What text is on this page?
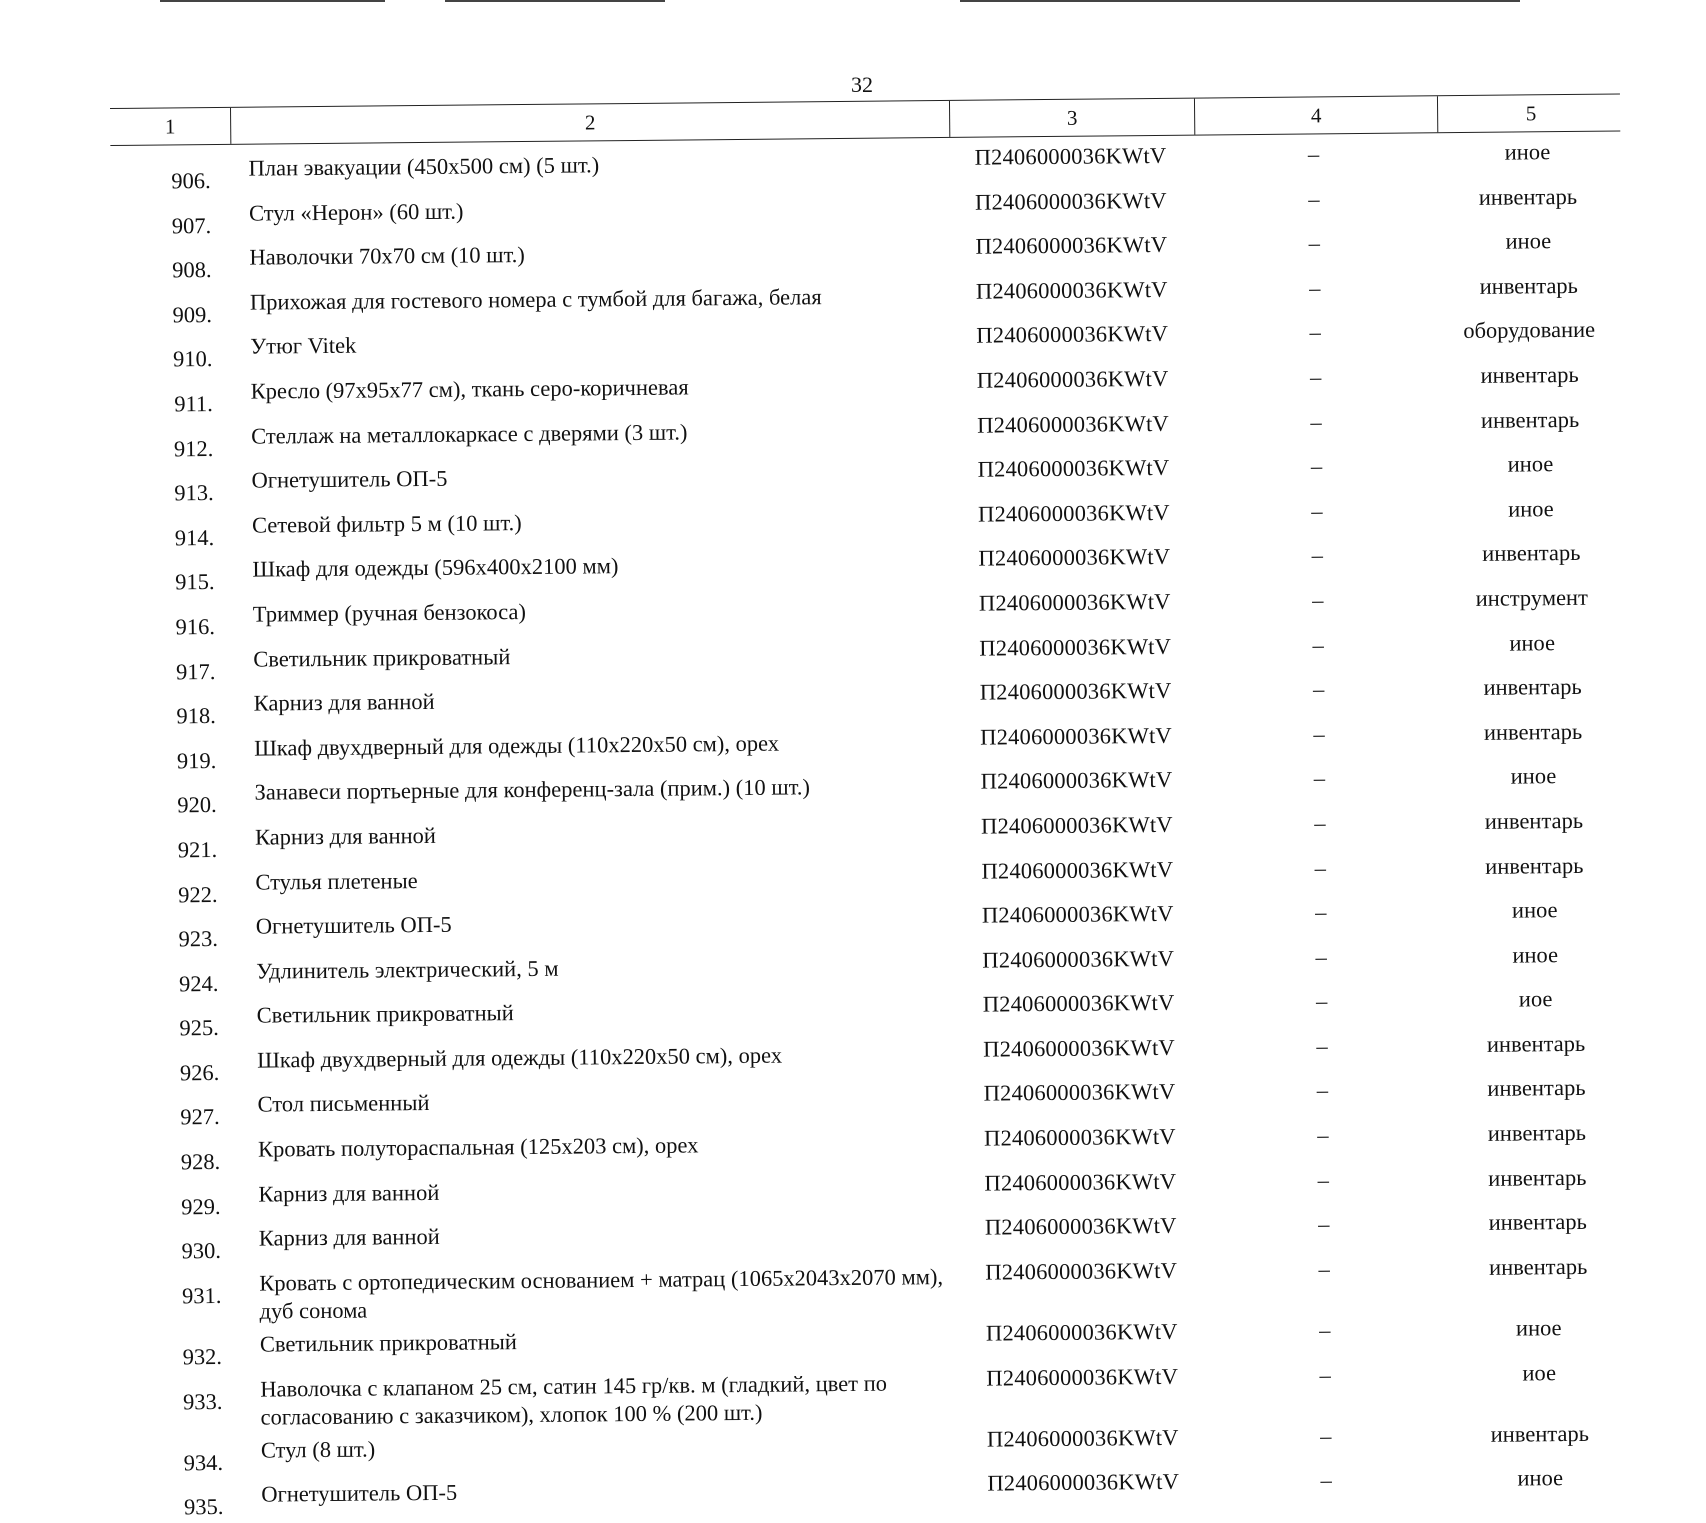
32
1	2	3	4	5
906.
План эвакуации (450х500 см) (5 шт.)	П2406000036KWtV	–	иное
907.
Стул «Нерон» (60 шт.)	П2406000036KWtV	–	инвентарь
908.
Наволочки 70х70 см (10 шт.)	П2406000036KWtV	–	иное
909.
Прихожая для гостевого номера с тумбой для багажа, белая	П2406000036KWtV	–	инвентарь
910.
Утюг Vitek	П2406000036KWtV	–	оборудование
911.
Кресло (97х95х77 см), ткань серо-коричневая	П2406000036KWtV	–	инвентарь
912.
Стеллаж на металлокаркасе с дверями (3 шт.)	П2406000036KWtV	–	инвентарь
913.
Огнетушитель ОП-5	П2406000036KWtV	–	иное
914.
Сетевой фильтр 5 м (10 шт.)	П2406000036KWtV	–	иное
915.
Шкаф для одежды (596х400х2100 мм)	П2406000036KWtV	–	инвентарь
916.
Триммер (ручная бензокоса)	П2406000036KWtV	–	инструмент
917.
Светильник прикроватный	П2406000036KWtV	–	иное
918.
Карниз для ванной	П2406000036KWtV	–	инвентарь
919.
Шкаф двухдверный для одежды (110х220х50 см), орех	П2406000036KWtV	–	инвентарь
920.
Занавеси портьерные для конференц-зала (прим.) (10 шт.)	П2406000036KWtV	–	иное
921.
Карниз для ванной	П2406000036KWtV	–	инвентарь
922.
Стулья плетеные	П2406000036KWtV	–	инвентарь
923.
Огнетушитель ОП-5	П2406000036KWtV	–	иное
924.
Удлинитель электрический, 5 м	П2406000036KWtV	–	иное
925.
Светильник прикроватный	П2406000036KWtV	–	иое
926.
Шкаф двухдверный для одежды (110х220х50 см), орех	П2406000036KWtV	–	инвентарь
927.
Стол письменный	П2406000036KWtV	–	инвентарь
928.
Кровать полутораспальная (125х203 см), орех	П2406000036KWtV	–	инвентарь
929.
Карниз для ванной	П2406000036KWtV	–	инвентарь
930.
Карниз для ванной	П2406000036KWtV	–	инвентарь
931.
Кровать с ортопедическим основанием + матрац (1065х2043х2070 мм), дуб сонома
П2406000036KWtV	–	инвентарь
932.
Светильник прикроватный	П2406000036KWtV	–	иное
933.
Наволочка с клапаном 25 см, сатин 145 гр/кв. м (гладкий, цвет по согласованию с заказчиком), хлопок 100 % (200 шт.)
П2406000036KWtV	–	иое
934.
Стул (8 шт.)	П2406000036KWtV	–	инвентарь
935.
Огнетушитель ОП-5	П2406000036KWtV	–	иное
